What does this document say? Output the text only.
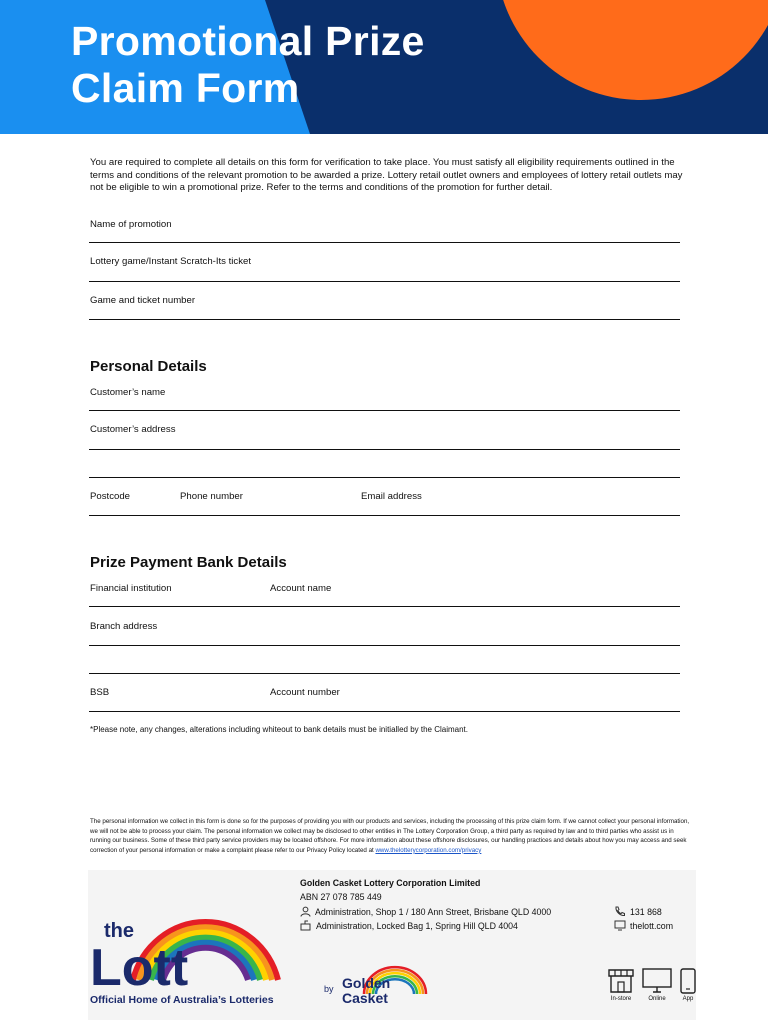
Promotional Prize
Claim Form

You are required to complete all details on this form for verification to take place. You must satisfy all eligibility requirements outlined in the terms and conditions of the relevant promotion to be awarded a prize. Lottery retail outlet owners and employees of lottery retail outlets may not be eligible to win a promotional prize. Refer to the terms and conditions of the promotion for further detail.

Name of promotion
Lottery game/Instant Scratch-Its ticket
Game and ticket number
Personal Details
Customer’s name
Customer’s address
Postcode	Phone number	Email address
Prize Payment Bank Details
Financial institution	Account name
Branch address
BSB	Account number
*Please note, any changes, alterations including whiteout to bank details must be initialled by the Claimant.

The personal information we collect in this form is done so for the purposes of providing you with our products and services, including the processing of this prize claim form. If we cannot collect your personal information, we will not be able to process your claim. The personal information we collect may be disclosed to other entities in The Lottery Corporation Group, a third party as required by law and to third parties who assist us in running our business. Some of these third party service providers may be located offshore. For more information about these offshore disclosures, our handling practices and details about how you may access and seek correction of your personal information or make a complaint please refer to our Privacy Policy located at www.thelotterycorporation.com/privacy

the
Lott
Official Home of Australia’s Lotteries
Golden Casket Lottery Corporation Limited
ABN 27 078 785 449
Administration, Shop 1 / 180 Ann Street, Brisbane QLD 4000
Administration, Locked Bag 1, Spring Hill QLD 4004
131 868
thelott.com
by Golden
Casket	In-store	Online	App
